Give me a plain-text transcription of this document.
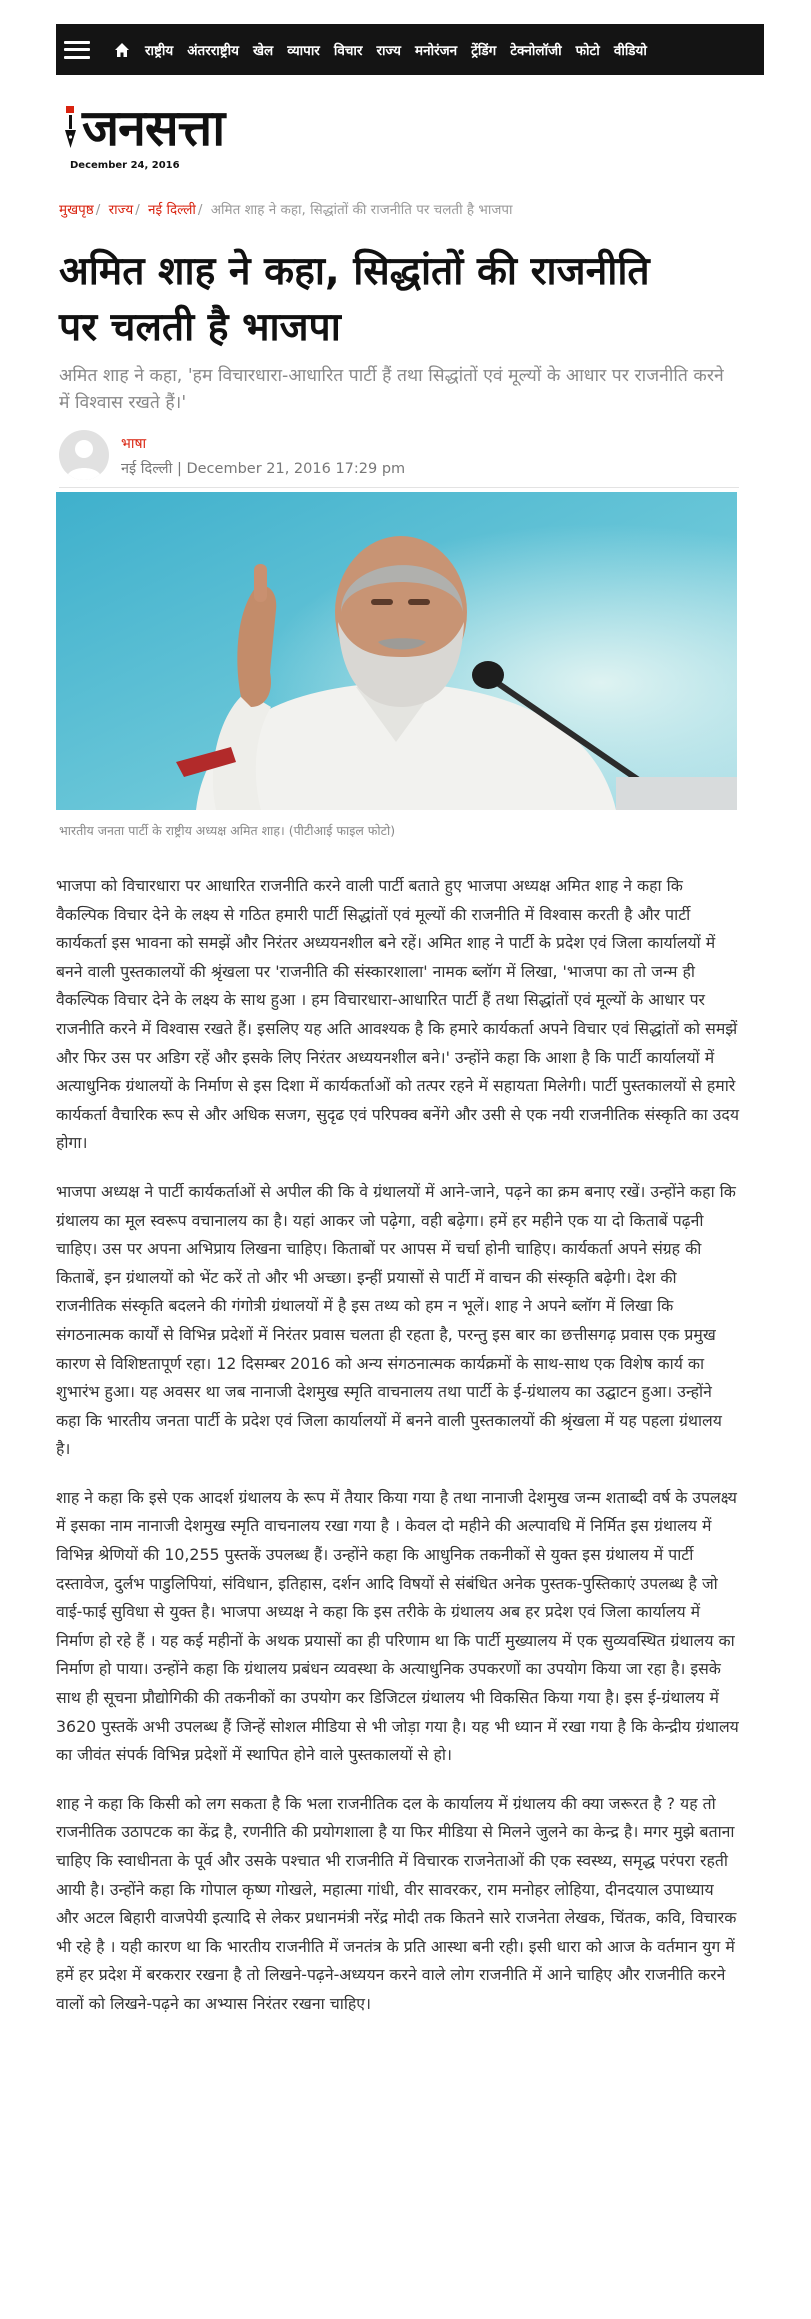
राष्ट्रीय	अंतरराष्ट्रीय	खेल	व्यापार	विचार	राज्य	मनोरंजन	ट्रेंडिंग	टेक्नोलॉजी	फोटो	वीडियो
जनसत्ता
December 24, 2016
मुखपृष्ठ / राज्य / नई दिल्ली / अमित शाह ने कहा, सिद्धांतों की राजनीति पर चलती है भाजपा
अमित शाह ने कहा, सिद्धांतों की राजनीति पर चलती है भाजपा
अमित शाह ने कहा, 'हम विचारधारा-आधारित पार्टी हैं तथा सिद्धांतों एवं मूल्यों के आधार पर राजनीति करने में विश्वास रखते हैं।'
भाषा
नई दिल्ली | December 21, 2016 17:29 pm
भारतीय जनता पार्टी के राष्ट्रीय अध्यक्ष अमित शाह। (पीटीआई फाइल फोटो)

भाजपा को विचारधारा पर आधारित राजनीति करने वाली पार्टी बताते हुए भाजपा अध्यक्ष अमित शाह ने कहा कि वैकल्पिक विचार देने के लक्ष्य से गठित हमारी पार्टी सिद्धांतों एवं मूल्यों की राजनीति में विश्वास करती है और पार्टी कार्यकर्ता इस भावना को समझें और निरंतर अध्ययनशील बने रहें। अमित शाह ने पार्टी के प्रदेश एवं जिला कार्यालयों में बनने वाली पुस्तकालयों की श्रृंखला पर 'राजनीति की संस्कारशाला' नामक ब्लॉग में लिखा, 'भाजपा का तो जन्म ही वैकल्पिक विचार देने के लक्ष्य के साथ हुआ । हम विचारधारा-आधारित पार्टी हैं तथा सिद्धांतों एवं मूल्यों के आधार पर राजनीति करने में विश्वास रखते हैं। इसलिए यह अति आवश्यक है कि हमारे कार्यकर्ता अपने विचार एवं सिद्धांतों को समझें और फिर उस पर अडिग रहें और इसके लिए निरंतर अध्ययनशील बने।' उन्होंने कहा कि आशा है कि पार्टी कार्यालयों में अत्याधुनिक ग्रंथालयों के निर्माण से इस दिशा में कार्यकर्ताओं को तत्पर रहने में सहायता मिलेगी। पार्टी पुस्तकालयों से हमारे कार्यकर्ता वैचारिक रूप से और अधिक सजग, सुदृढ एवं परिपक्व बनेंगे और उसी से एक नयी राजनीतिक संस्कृति का उदय होगा।

भाजपा अध्यक्ष ने पार्टी कार्यकर्ताओं से अपील की कि वे ग्रंथालयों में आने-जाने, पढ़ने का क्रम बनाए रखें। उन्होंने कहा कि ग्रंथालय का मूल स्वरूप वचानालय का है। यहां आकर जो पढ़ेगा, वही बढ़ेगा। हमें हर महीने एक या दो किताबें पढ़नी चाहिए। उस पर अपना अभिप्राय लिखना चाहिए। किताबों पर आपस में चर्चा होनी चाहिए। कार्यकर्ता अपने संग्रह की किताबें, इन ग्रंथालयों को भेंट करें तो और भी अच्छा। इन्हीं प्रयासों से पार्टी में वाचन की संस्कृति बढ़ेगी। देश की राजनीतिक संस्कृति बदलने की गंगोत्री ग्रंथालयों में है इस तथ्य को हम न भूलें। शाह ने अपने ब्लॉग में लिखा कि संगठनात्मक कार्यों से विभिन्न प्रदेशों में निरंतर प्रवास चलता ही रहता है, परन्तु इस बार का छत्तीसगढ़ प्रवास एक प्रमुख कारण से विशिष्टतापूर्ण रहा। 12 दिसम्बर 2016 को अन्य संगठनात्मक कार्यक्रमों के साथ-साथ एक विशेष कार्य का शुभारंभ हुआ। यह अवसर था जब नानाजी देशमुख स्मृति वाचनालय तथा पार्टी के ई-ग्रंथालय का उद्घाटन हुआ। उन्होंने कहा कि भारतीय जनता पार्टी के प्रदेश एवं जिला कार्यालयों में बनने वाली पुस्तकालयों की श्रृंखला में यह पहला ग्रंथालय है।

शाह ने कहा कि इसे एक आदर्श ग्रंथालय के रूप में तैयार किया गया है तथा नानाजी देशमुख जन्म शताब्दी वर्ष के उपलक्ष्य में इसका नाम नानाजी देशमुख स्मृति वाचनालय रखा गया है । केवल दो महीने की अल्पावधि में निर्मित इस ग्रंथालय में विभिन्न श्रेणियों की 10,255 पुस्तकें उपलब्ध हैं। उन्होंने कहा कि आधुनिक तकनीकों से युक्त इस ग्रंथालय में पार्टी दस्तावेज, दुर्लभ पाडुलिपियां, संविधान, इतिहास, दर्शन आदि विषयों से संबंधित अनेक पुस्तक-पुस्तिकाएं उपलब्ध है जो वाई-फाई सुविधा से युक्त है। भाजपा अध्यक्ष ने कहा कि इस तरीके के ग्रंथालय अब हर प्रदेश एवं जिला कार्यालय में निर्माण हो रहे हैं । यह कई महीनों के अथक प्रयासों का ही परिणाम था कि पार्टी मुख्यालय में एक सुव्यवस्थित ग्रंथालय का निर्माण हो पाया। उन्होंने कहा कि ग्रंथालय प्रबंधन व्यवस्था के अत्याधुनिक उपकरणों का उपयोग किया जा रहा है। इसके साथ ही सूचना प्रौद्योगिकी की तकनीकों का उपयोग कर डिजिटल ग्रंथालय भी विकसित किया गया है। इस ई-ग्रंथालय में 3620 पुस्तकें अभी उपलब्ध हैं जिन्हें सोशल मीडिया से भी जोड़ा गया है। यह भी ध्यान में रखा गया है कि केन्द्रीय ग्रंथालय का जीवंत संपर्क विभिन्न प्रदेशों में स्थापित होने वाले पुस्तकालयों से हो।

शाह ने कहा कि किसी को लग सकता है कि भला राजनीतिक दल के कार्यालय में ग्रंथालय की क्या जरूरत है ? यह तो राजनीतिक उठापटक का केंद्र है, रणनीति की प्रयोगशाला है या फिर मीडिया से मिलने जुलने का केन्द्र है। मगर मुझे बताना चाहिए कि स्वाधीनता के पूर्व और उसके पश्चात भी राजनीति में विचारक राजनेताओं की एक स्वस्थ्य, समृद्ध परंपरा रहती आयी है। उन्होंने कहा कि गोपाल कृष्ण गोखले, महात्मा गांधी, वीर सावरकर, राम मनोहर लोहिया, दीनदयाल उपाध्याय और अटल बिहारी वाजपेयी इत्यादि से लेकर प्रधानमंत्री नरेंद्र मोदी तक कितने सारे राजनेता लेखक, चिंतक, कवि, विचारक भी रहे है । यही कारण था कि भारतीय राजनीति में जनतंत्र के प्रति आस्था बनी रही। इसी धारा को आज के वर्तमान युग में हमें हर प्रदेश में बरकरार रखना है तो लिखने-पढ़ने-अध्ययन करने वाले लोग राजनीति में आने चाहिए और राजनीति करने वालों को लिखने-पढ़ने का अभ्यास निरंतर रखना चाहिए।
